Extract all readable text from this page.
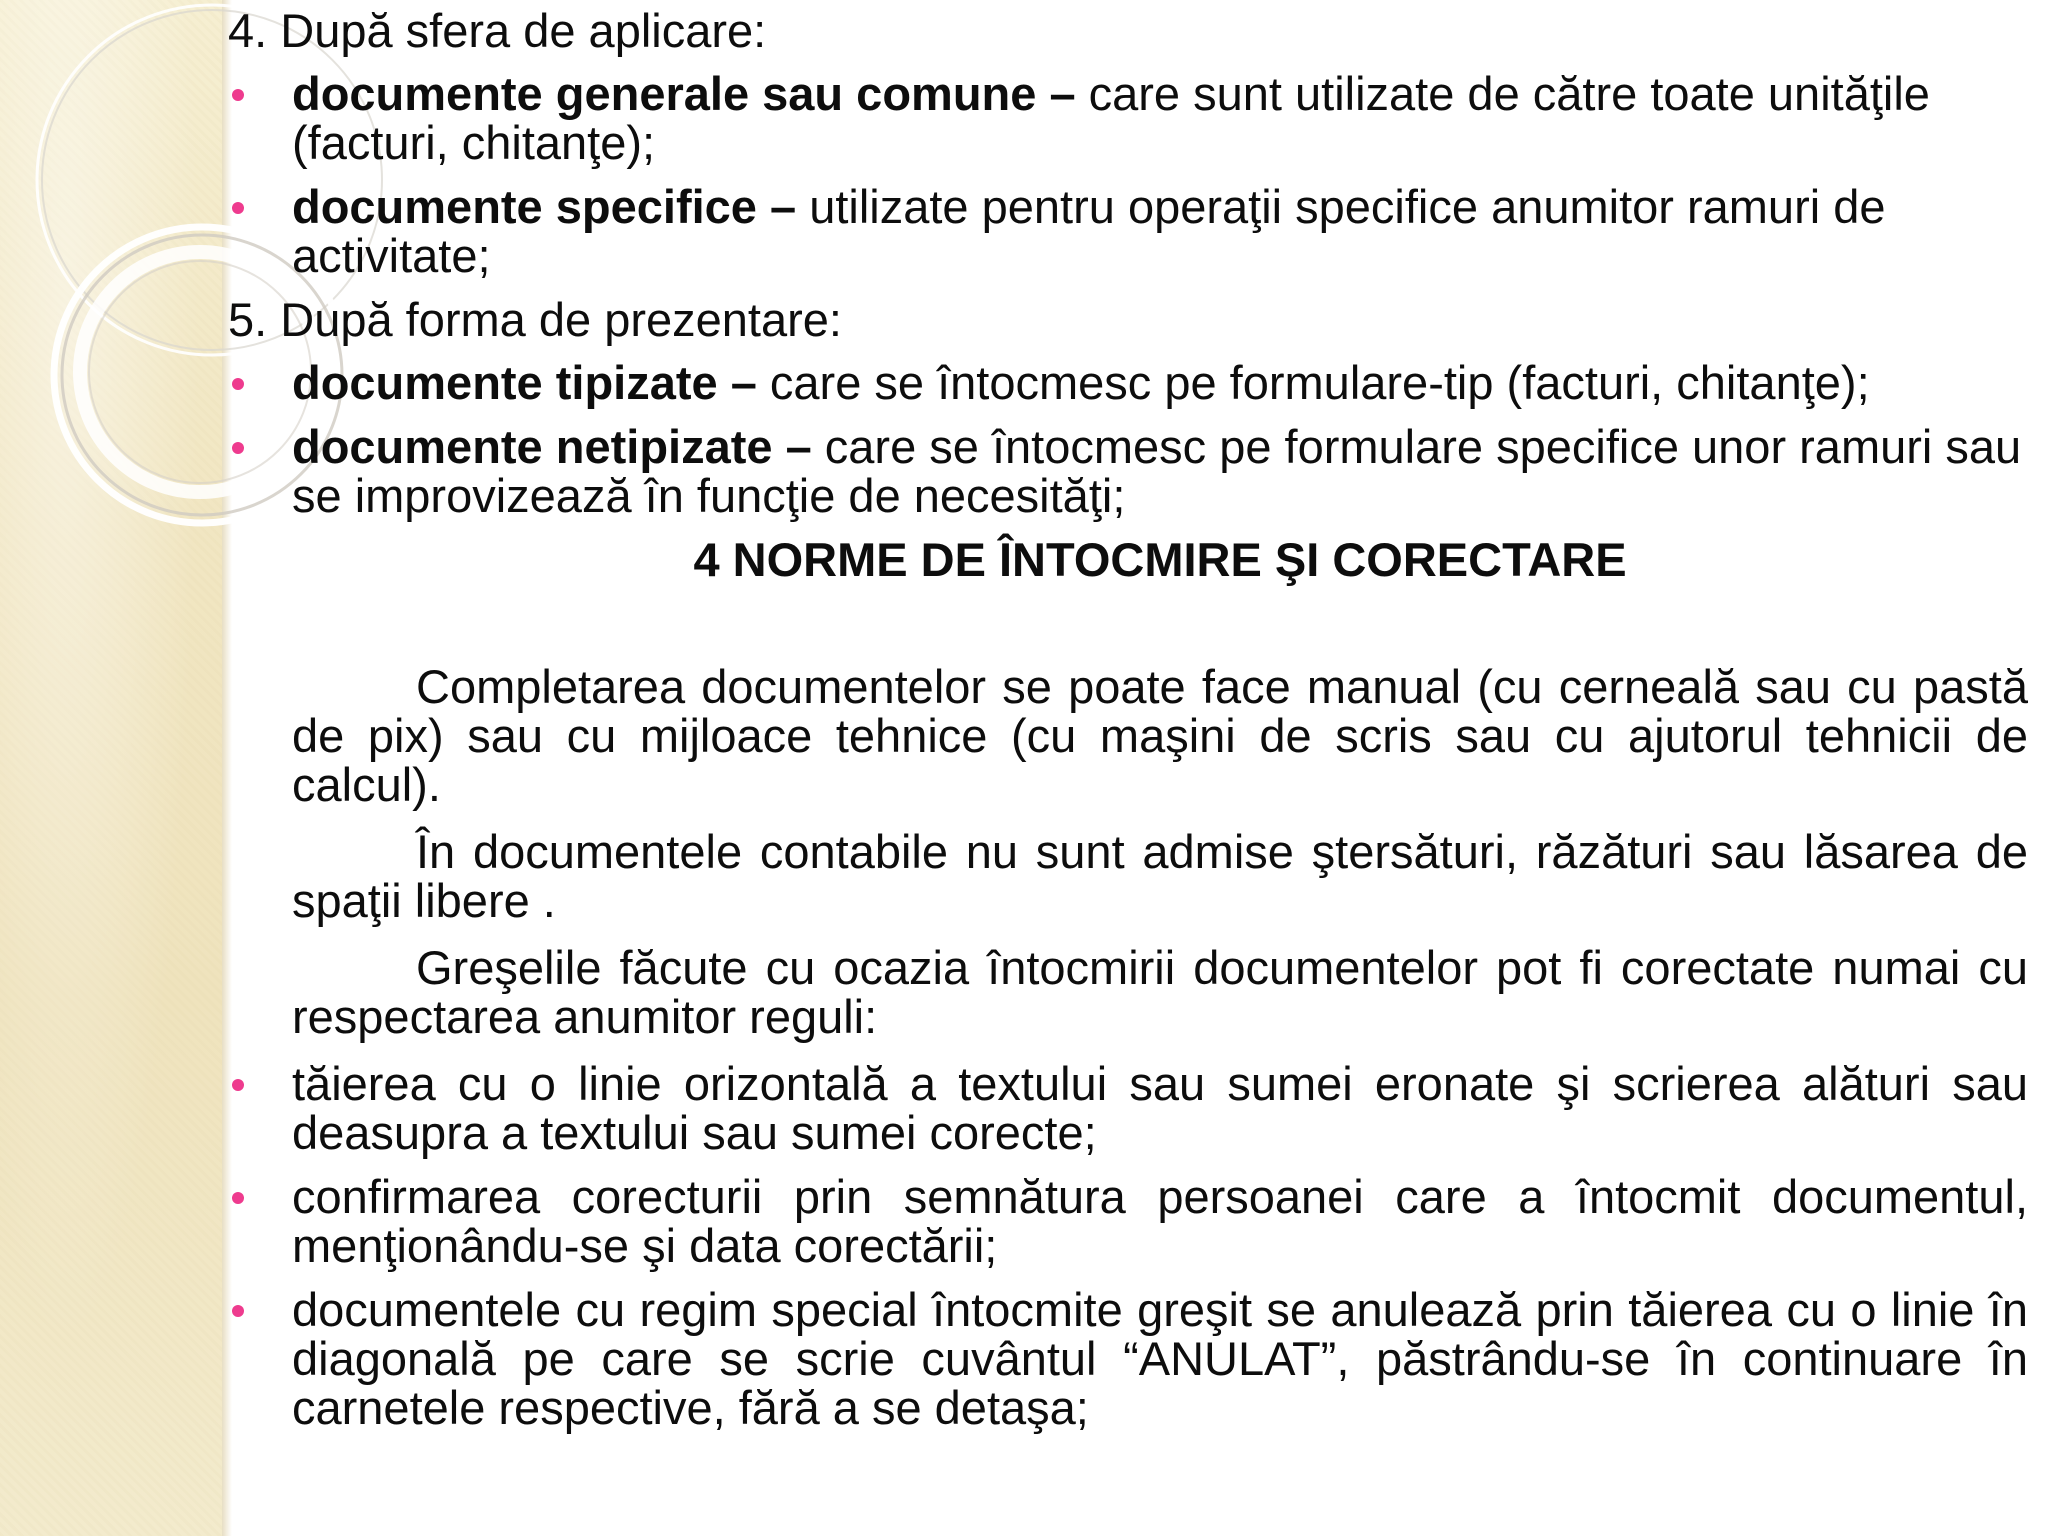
4. După sfera de aplicare:
documente generale sau comune – care sunt utilizate de către toate unităţile (facturi, chitanţe);
documente specifice – utilizate pentru operaţii specifice anumitor ramuri de activitate;
5. După forma de prezentare:
documente tipizate – care se întocmesc pe formulare-tip (facturi, chitanţe);
documente netipizate – care se întocmesc pe formulare specifice unor ramuri sau se improvizează în funcţie de necesităţi;
4 NORME DE ÎNTOCMIRE ŞI CORECTARE
Completarea documentelor se poate face manual (cu cerneală sau cu pastă de pix) sau cu mijloace tehnice (cu maşini de scris sau cu ajutorul tehnicii de calcul).
În documentele contabile nu sunt admise ştersături, răzături sau lăsarea de spaţii libere .
Greşelile făcute cu ocazia întocmirii documentelor pot fi corectate numai cu respectarea anumitor reguli:
tăierea cu o linie orizontală a textului sau sumei eronate şi scrierea alături sau deasupra a textului sau sumei corecte;
confirmarea corecturii prin semnătura persoanei care a întocmit documentul, menţionându-se şi data corectării;
documentele cu regim special întocmite greşit se anulează prin tăierea cu o linie în diagonală pe care se scrie cuvântul “ANULAT”, păstrându-se în continuare în carnetele respective, fără a se detaşa;
